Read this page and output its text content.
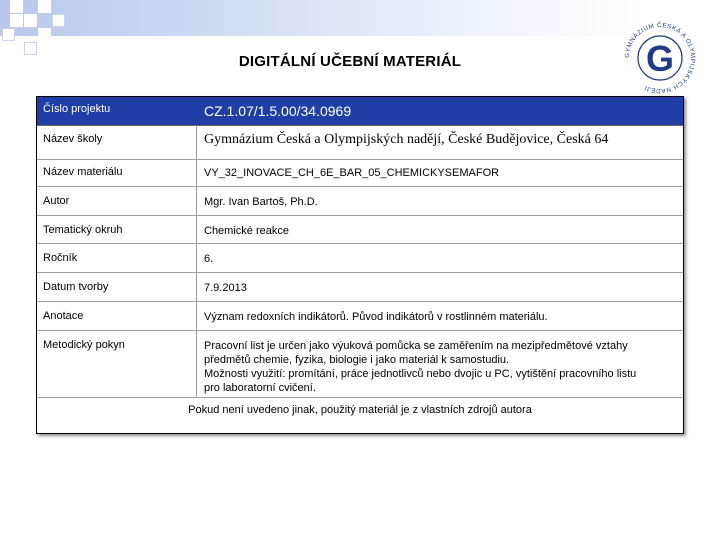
DIGITÁLNÍ UČEBNÍ MATERIÁL	GYMNÁZIUM ČESKÁ A OLYMPIJSKÝCH NADĚJÍ
G
Číslo projektu	CZ.1.07/1.5.00/34.0969
Název školy	Gymnázium Česká a Olympijských nadějí, České Budějovice, Česká 64
Název materiálu	VY_32_INOVACE_CH_6E_BAR_05_CHEMICKYSEMAFOR
Autor	Mgr. Ivan Bartoš, Ph.D.
Tematický okruh	Chemické reakce
Ročník	6.
Datum tvorby	7.9.2013
Anotace	Význam redoxních indikátorů. Původ indikátorů v rostlinném materiálu.
Metodický pokyn	Pracovní list je určen jako výuková pomůcka se zaměřením na mezipředmětové vztahy
předmětů chemie, fyzika, biologie i jako materiál k samostudiu.
Možnosti využití: promítání, práce jednotlivců nebo dvojic u PC, vytištění pracovního listu
pro laboratorní cvičení.
Pokud není uvedeno jinak, použitý materiál je z vlastních zdrojů autora
